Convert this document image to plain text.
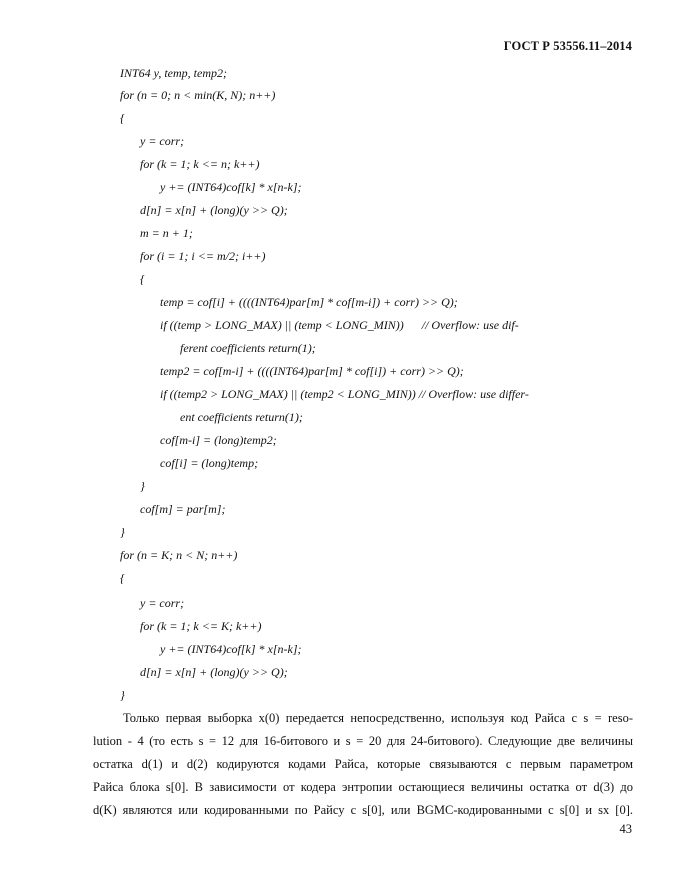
ГОСТ Р 53556.11–2014
INT64 y, temp, temp2;
for (n = 0; n < min(K, N); n++)
{
y = corr;
for (k = 1; k <= n; k++)
y += (INT64)cof[k] * x[n-k];
d[n] = x[n] + (long)(y >> Q);
m = n + 1;
for (i = 1; i <= m/2; i++)
{
temp = cof[i] + ((((INT64)par[m] * cof[m-i]) + corr) >> Q);
if ((temp > LONG_MAX) || (temp < LONG_MIN))      // Overflow: use dif-
ferent coefficients return(1);
temp2 = cof[m-i] + ((((INT64)par[m] * cof[i]) + corr) >> Q);
if ((temp2 > LONG_MAX) || (temp2 < LONG_MIN)) // Overflow: use differ-
ent coefficients return(1);
cof[m-i] = (long)temp2;
cof[i] = (long)temp;
}
cof[m] = par[m];
}
for (n = K; n < N; n++)
{
y = corr;
for (k = 1; k <= K; k++)
y += (INT64)cof[k] * x[n-k];
d[n] = x[n] + (long)(y >> Q);
}
Только первая выборка x(0) передается непосредственно, используя код Райса с s = reso-
lution - 4 (то есть s = 12 для 16-битового и s = 20 для 24-битового). Следующие две величины
остатка d(1) и d(2) кодируются кодами Райса, которые связываются с первым параметром
Райса блока s[0]. В зависимости от кодера энтропии остающиеся величины остатка от d(3) до
d(K) являются или кодированными по Райсу с s[0], или BGMC-кодированными с s[0] и sx [0].
43
